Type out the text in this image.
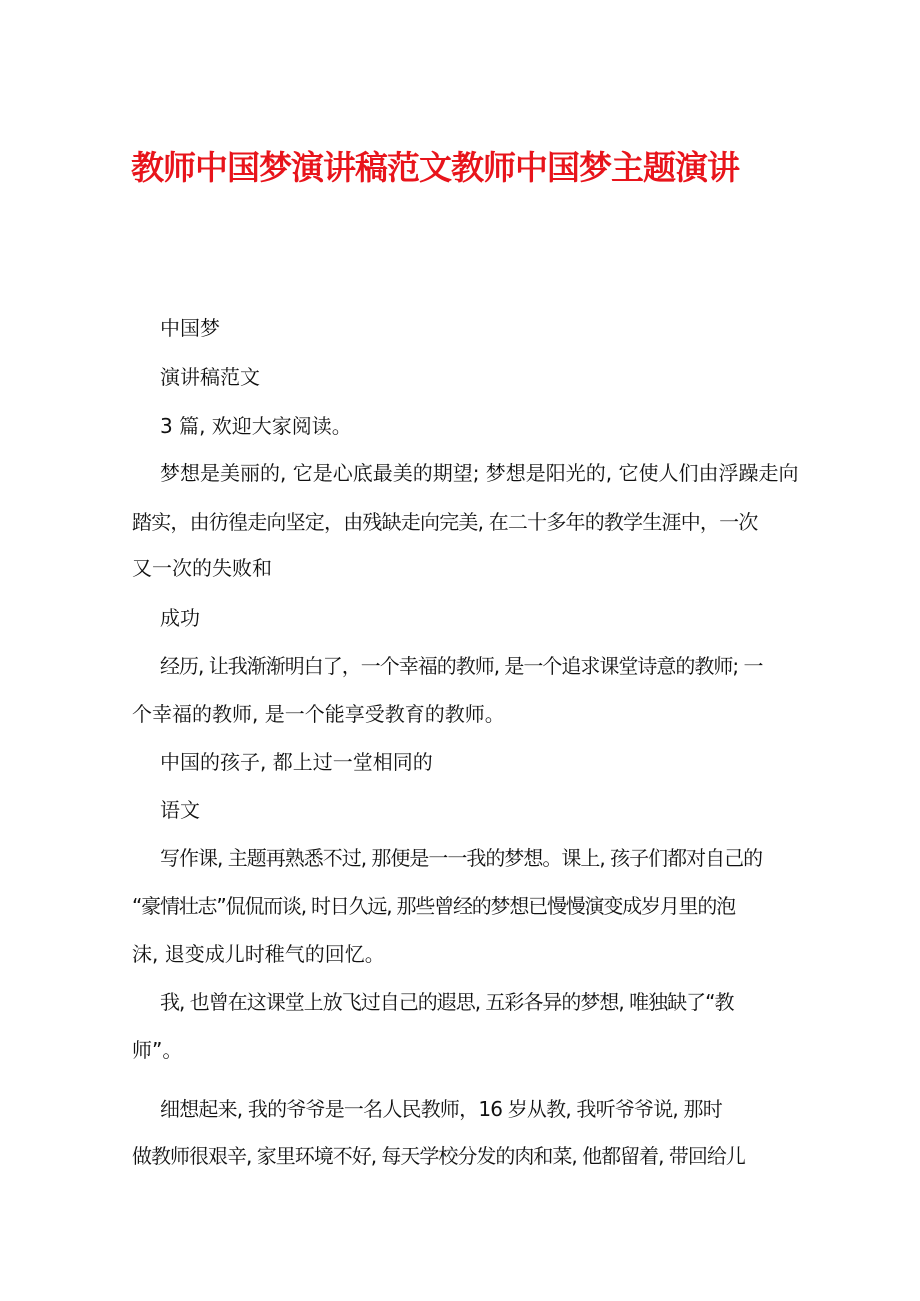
教师中国梦演讲稿范文教师中国梦主题演讲

中国梦

演讲稿范文

3 篇, 欢迎大家阅读。

梦想是美丽的, 它是心底最美的期望; 梦想是阳光的, 它使人们由浮躁走向

踏实，由彷徨走向坚定，由残缺走向完美, 在二十多年的教学生涯中，一次

又一次的失败和

成功

经历, 让我渐渐明白了，一个幸福的教师, 是一个追求课堂诗意的教师; 一

个幸福的教师, 是一个能享受教育的教师。

中国的孩子, 都上过一堂相同的

语文

写作课, 主题再熟悉不过, 那便是一一我的梦想。课上, 孩子们都对自己的

“豪情壮志”侃侃而谈, 时日久远, 那些曾经的梦想已慢慢演变成岁月里的泡

沫, 退变成儿时稚气的回忆。

我, 也曾在这课堂上放飞过自己的遐思, 五彩各异的梦想, 唯独缺了“教

师”。

细想起来, 我的爷爷是一名人民教师，16 岁从教, 我听爷爷说, 那时

做教师很艰辛, 家里环境不好, 每天学校分发的肉和菜, 他都留着, 带回给儿
